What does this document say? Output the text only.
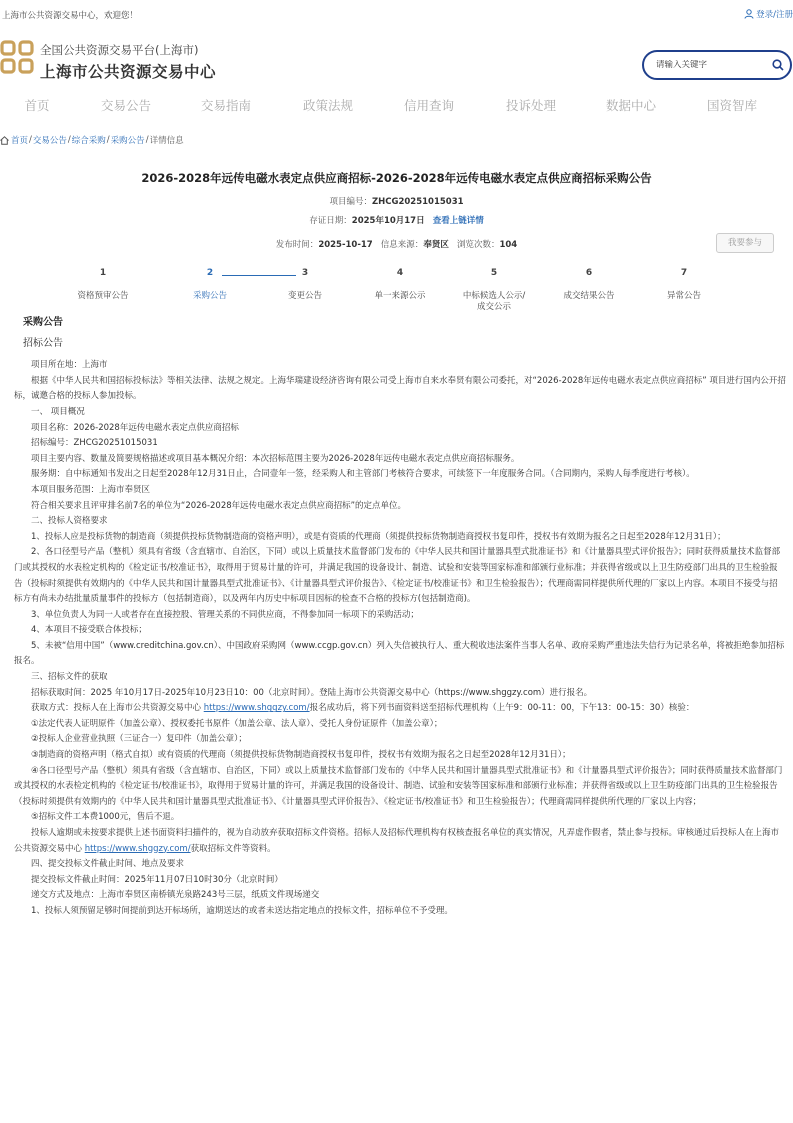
上海市公共资源交易中心，欢迎您！	登录/注册
全国公共资源交易平台(上海市)
上海市公共资源交易中心
请输入关键字
首页	交易公告	交易指南	政策法规	信用查询	投诉处理	数据中心	国资智库
首页 / 交易公告 / 综合采购 / 采购公告 / 详情信息
2026-2028年远传电磁水表定点供应商招标-2026-2028年远传电磁水表定点供应商招标采购公告
项目编号：ZHCG20251015031
存证日期：2025年10月17日 查看上链详情
发布时间：2025-10-17 信息来源：奉贤区 浏览次数：104	我要参与
1
资格预审公告
2
采购公告
3
变更公告
4
单一来源公示
5
中标候选人公示/成交公示
6
成交结果公告
7
异常公告
采购公告
招标公告

项目所在地：上海市

根据《中华人民共和国招标投标法》等相关法律、法规之规定。上海华瑞建设经济咨询有限公司受上海市自来水奉贤有限公司委托，对“2026-2028年远传电磁水表定点供应商招标” 项目进行国内公开招标，诚邀合格的投标人参加投标。

一、 项目概况

项目名称：2026-2028年远传电磁水表定点供应商招标

招标编号：ZHCG20251015031

项目主要内容、数量及简要规格描述或项目基本概况介绍：本次招标范围主要为2026-2028年远传电磁水表定点供应商招标服务。

服务期：自中标通知书发出之日起至2028年12月31日止，合同壹年一签，经采购人和主管部门考核符合要求，可续签下一年度服务合同。（合同期内，采购人每季度进行考核）。

本项目服务范围：上海市奉贤区

符合相关要求且评审排名前7名的单位为“2026-2028年远传电磁水表定点供应商招标”的定点单位。

二、投标人资格要求

1、投标人应是投标货物的制造商（须提供投标货物制造商的资格声明），或是有资质的代理商（须提供投标货物制造商授权书复印件，授权书有效期为报名之日起至2028年12月31日）；

2、各口径型号产品（整机）须具有省级（含直辖市、自治区，下同）或以上质量技术监督部门发布的《中华人民共和国计量器具型式批准证书》和《计量器具型式评价报告》；同时获得质量技术监督部门或其授权的水表检定机构的《检定证书/校准证书》，取得用于贸易计量的许可，并满足我国的设备设计、制造、试验和安装等国家标准和部颁行业标准；并获得省级或以上卫生防疫部门出具的卫生检验报告（投标时须提供有效期内的《中华人民共和国计量器具型式批准证书》、《计量器具型式评价报告》、《检定证书/校准证书》和卫生检验报告）；代理商需同样提供所代理的厂家以上内容。本项目不接受与招标方有尚未办结批量质量事件的投标方（包括制造商），以及两年内历史中标项目因标的检查不合格的投标方(包括制造商)。

3、单位负责人为同一人或者存在直接控股、管理关系的不同供应商，不得参加同一标项下的采购活动；

4、本项目不接受联合体投标；

5、未被“信用中国”（www.creditchina.gov.cn）、中国政府采购网（www.ccgp.gov.cn）列入失信被执行人、重大税收违法案件当事人名单、政府采购严重违法失信行为记录名单，将被拒绝参加招标报名。

三、招标文件的获取

招标获取时间：2025 年10月17日-2025年10月23日10：00（北京时间）。登陆上海市公共资源交易中心（https://www.shggzy.com）进行报名。

获取方式：投标人在上海市公共资源交易中心 https://www.shggzy.com/报名成功后，将下列书面资料送至招标代理机构（上午9：00-11：00，下午13：00-15：30）核验：

①法定代表人证明原件（加盖公章）、授权委托书原件（加盖公章、法人章）、受托人身份证原件（加盖公章）；

②投标人企业营业执照（三证合一）复印件（加盖公章）；

③制造商的资格声明（格式自拟）或有资质的代理商（须提供投标货物制造商授权书复印件，授权书有效期为报名之日起至2028年12月31日）；

④各口径型号产品（整机）须具有省级（含直辖市、自治区，下同）或以上质量技术监督部门发布的《中华人民共和国计量器具型式批准证书》和《计量器具型式评价报告》；同时获得质量技术监督部门或其授权的水表检定机构的《检定证书/校准证书》，取得用于贸易计量的许可，并满足我国的设备设计、制造、试验和安装等国家标准和部颁行业标准；并获得省级或以上卫生防疫部门出具的卫生检验报告（投标时须提供有效期内的《中华人民共和国计量器具型式批准证书》、《计量器具型式评价报告》、《检定证书/校准证书》和卫生检验报告）；代理商需同样提供所代理的厂家以上内容；

⑤招标文件工本费1000元，售后不退。

投标人逾期或未按要求提供上述书面资料扫描件的，视为自动放弃获取招标文件资格。招标人及招标代理机构有权核查报名单位的真实情况，凡弄虚作假者，禁止参与投标。审核通过后投标人在上海市公共资源交易中心 https://www.shggzy.com/获取招标文件等资料。

四、提交投标文件截止时间、地点及要求

提交投标文件截止时间：2025年11月07日10时30分（北京时间）

递交方式及地点：上海市奉贤区南桥镇光泉路243号三层，纸质文件现场递交

1、投标人须预留足够时间提前到达开标场所，逾期送达的或者未送达指定地点的投标文件，招标单位不予受理。
